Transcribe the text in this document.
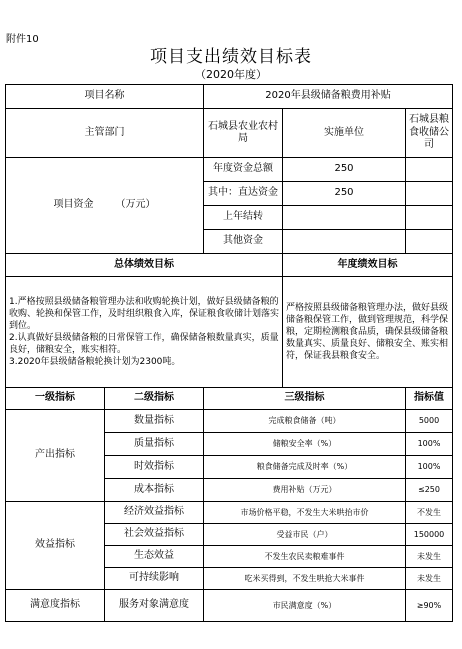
附件10
项目支出绩效目标表
（2020年度）
项目名称		2020年县级储备粮费用补贴		
主管部门		石城县农业农村局	实施单位	石城县粮食收储公司
项目资金 （万元）		年度资金总额	250	
		其中：直达资金	250	
		上年结转		
		其他资金		
总体绩效目标			年度绩效目标	

1.严格按照县级储备粮管理办法和收购轮换计划，做好县级储备粮的收购、轮换和保管工作，及时组织粮食入库，保证粮食收储计划落实到位。
2.认真做好县级储备粮的日常保管工作，确保储备粮数量真实，质量良好，储粮安全，账实相符。
3.2020年县级储备粮轮换计划为2300吨。			严格按照县级储备粮管理办法，做好县级储备粮保管工作，做到管理规范，科学保粮，定期检测粮食品质，确保县级储备粮数量真实、质量良好、储粮安全、账实相符，保证我县粮食安全。	
一级指标	二级指标	三级指标		指标值
产出指标	数量指标	完成粮食储备（吨）		5000
	质量指标	储粮安全率（%）		100%
	时效指标	粮食储备完成及时率（%）		100%
	成本指标	费用补贴（万元）		≤250
效益指标	经济效益指标	市场价格平稳，不发生大米哄抬市价		不发生
	社会效益指标	受益市民（户）		150000
	生态效益	不发生农民卖粮难事件		未发生
	可持续影响	吃米买得到，不发生哄抢大米事件		未发生
满意度指标	服务对象满意度	市民满意度（%）		≥90%
